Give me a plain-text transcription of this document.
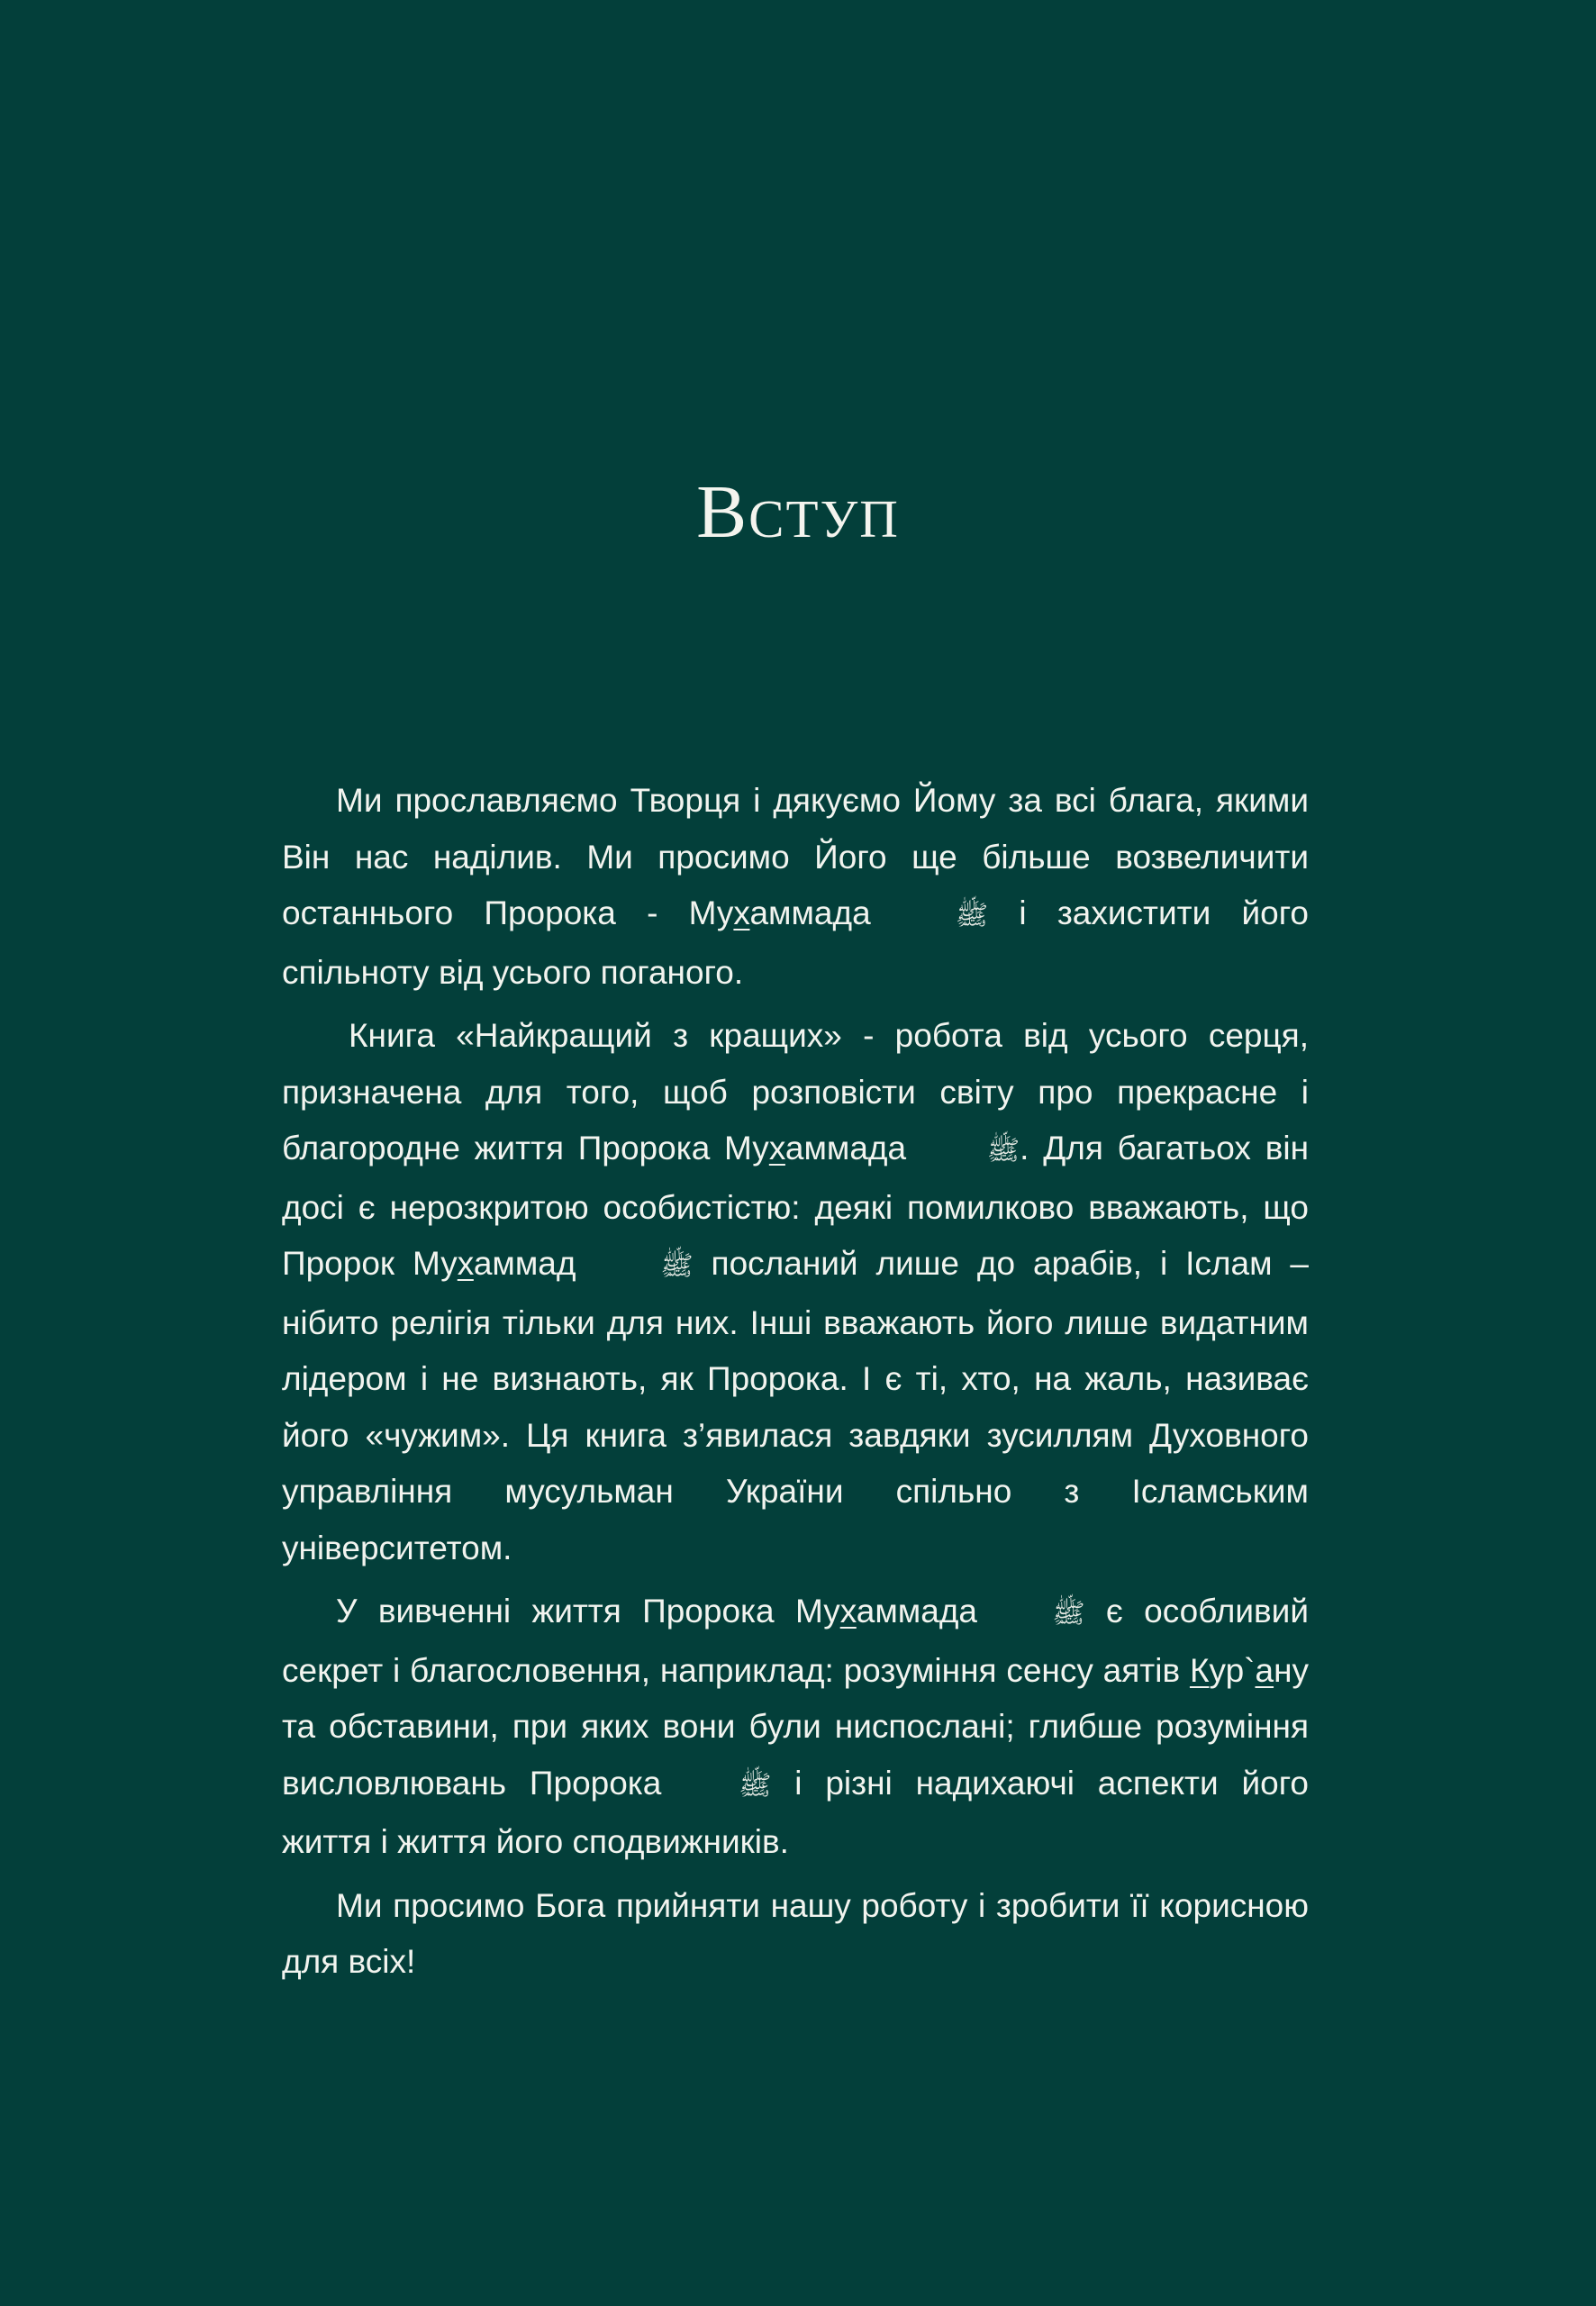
Вступ

Ми прославляємо Творця і дякуємо Йому за всі блага, якими Він нас наділив. Ми просимо Його ще більше возвеличити останнього Пророка - Мухаммада ﷺ і захистити його спільноту від усього поганого.

Книга «Найкращий з кращих» - робота від усього серця, призначена для того, щоб розповісти світу про прекрасне і благородне життя Пророка Мухаммада ﷺ. Для багатьох він досі є нерозкритою особистістю: деякі помилково вважають, що Пророк Мухаммад ﷺ посланий лише до арабів, і Іслам – нібито релігія тільки для них. Інші вважають його лише видатним лідером і не визнають, як Пророка. І є ті, хто, на жаль, називає його «чужим». Ця книга з’явилася завдяки зусиллям Духовного управління мусульман України спільно з Ісламським університетом.

У вивченні життя Пророка Мухаммада ﷺ є особливий секрет і благословення, наприклад: розуміння сенсу аятів Кур`ану та обставини, при яких вони були ниспослані; глибше розуміння висловлювань Пророка ﷺ і різні надихаючі аспекти його життя і життя його сподвижників.

Ми просимо Бога прийняти нашу роботу і зробити її корисною для всіх!
